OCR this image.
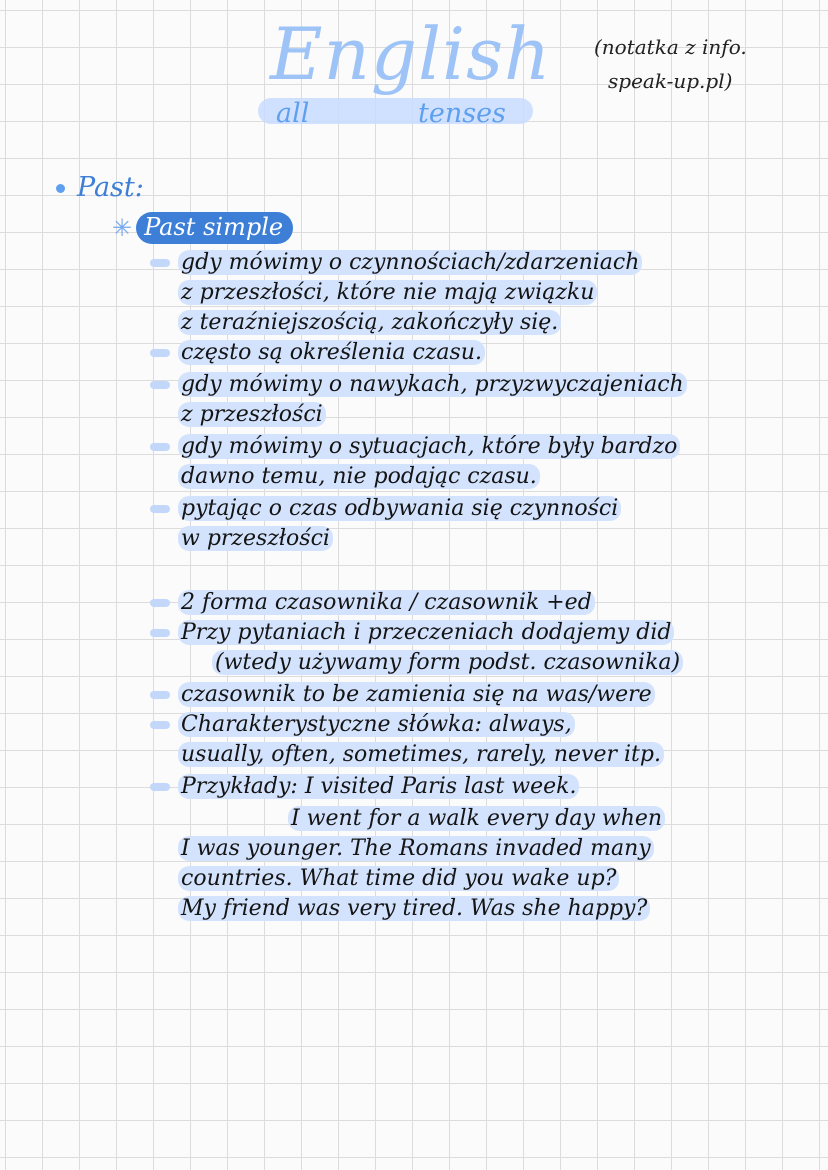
English
all	tenses
(notatka z info.
speak-up.pl)
Past:
✳ Past simple
gdy mówimy o czynnościach/zdarzeniach
z przeszłości, które nie mają związku
z teraźniejszością, zakończyły się.
często są określenia czasu.
gdy mówimy o nawykach, przyzwyczajeniach
z przeszłości
gdy mówimy o sytuacjach, które były bardzo
dawno temu, nie podając czasu.
pytając o czas odbywania się czynności
w przeszłości
2 forma czasownika / czasownik +ed
Przy pytaniach i przeczeniach dodajemy did
(wtedy używamy form podst. czasownika)
czasownik to be zamienia się na was/were
Charakterystyczne słówka: always,
usually, often, sometimes, rarely, never itp.
Przykłady: I visited Paris last week.
I went for a walk every day when
I was younger. The Romans invaded many
countries. What time did you wake up?
My friend was very tired. Was she happy?
